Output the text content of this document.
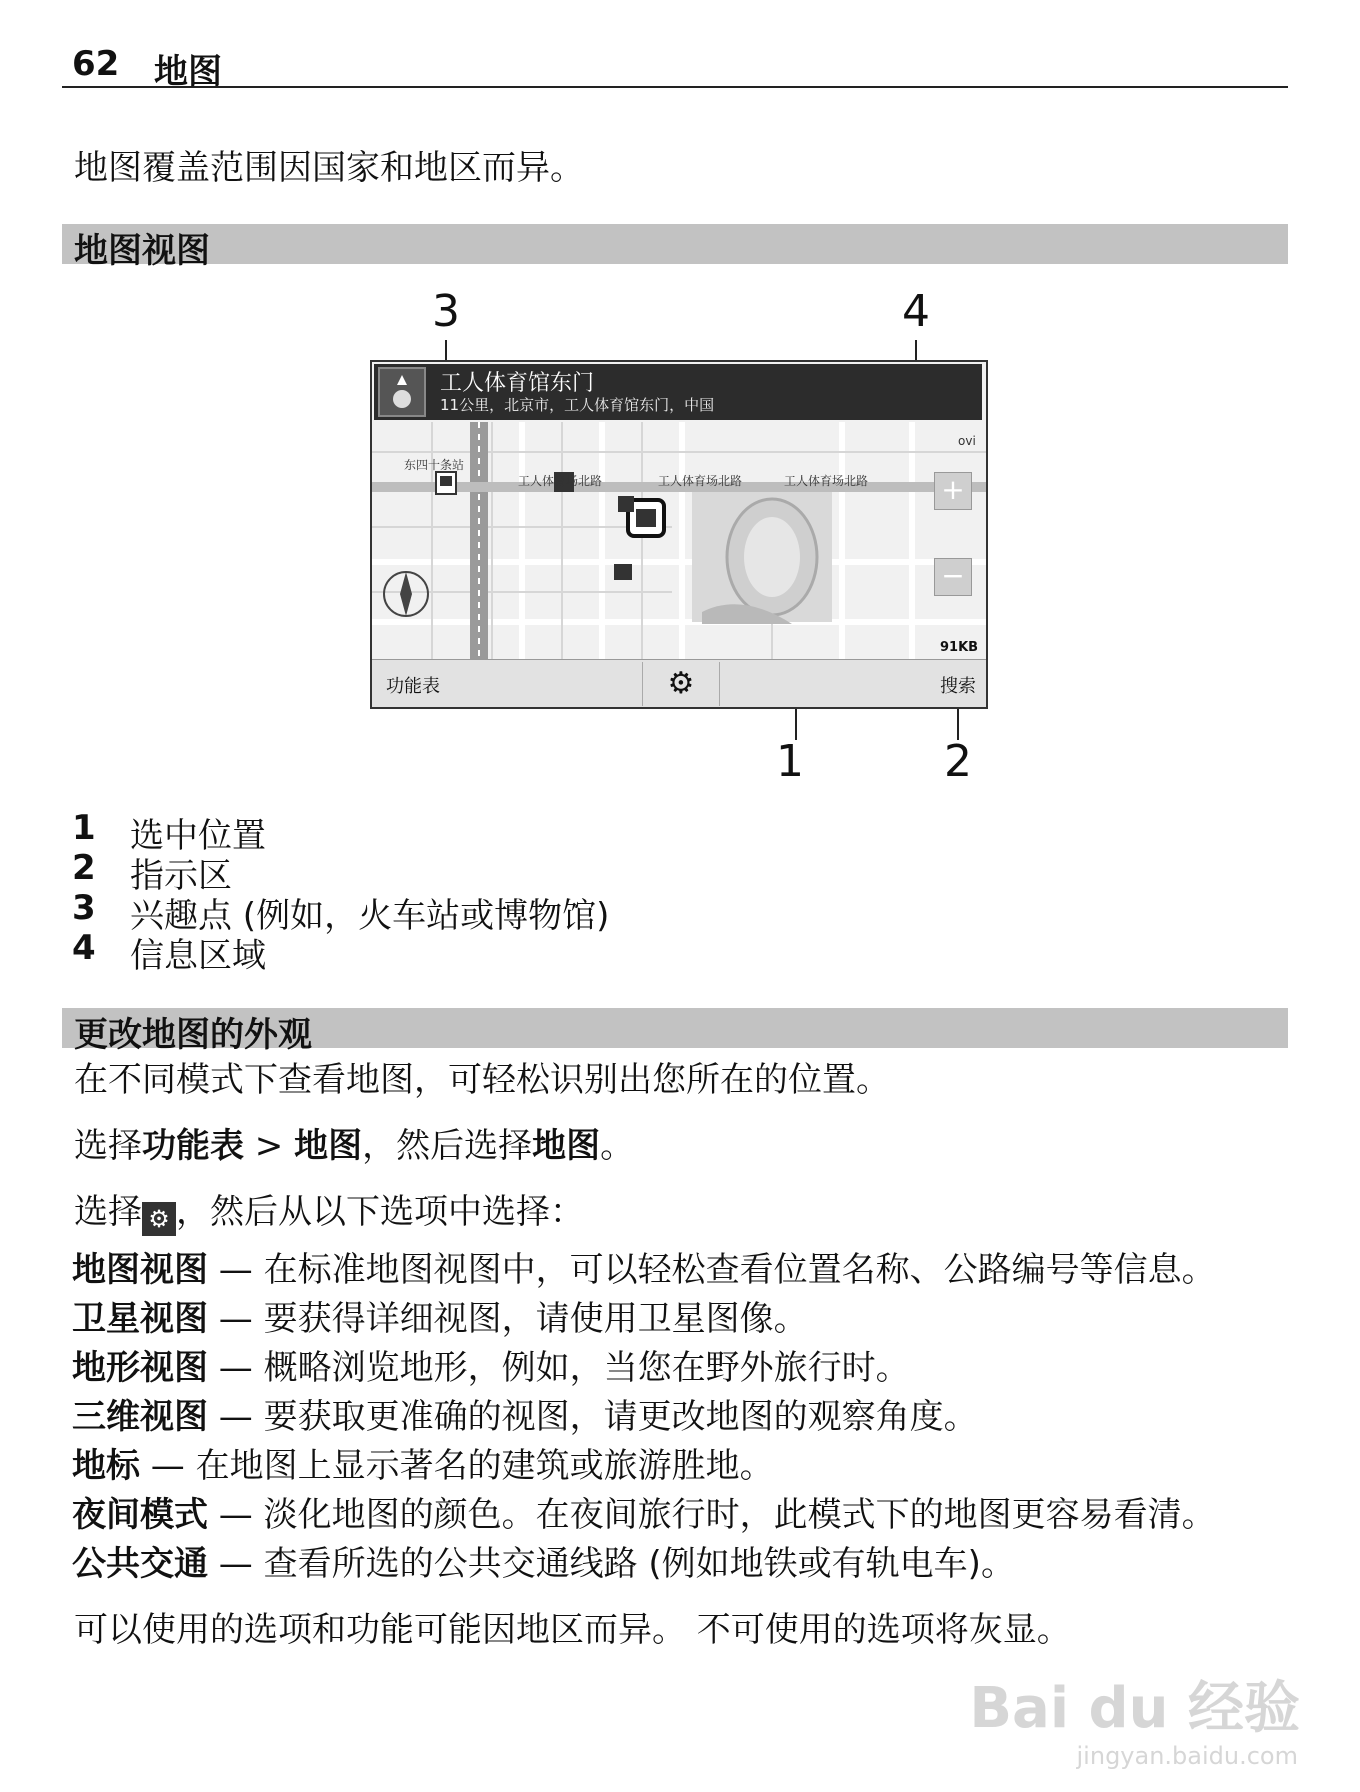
62 地图
地图覆盖范围因国家和地区而异。
地图视图
3	4
1	2
工人体育馆东门
11公里，北京市，工人体育馆东门，中国
东四十条站
工人体育场北路	工人体育场北路	工人体育场北路
ovi
+
−
91KB
功能表	⚙	搜索
1 选中位置
2 指示区
3 兴趣点 (例如，火车站或博物馆)
4 信息区域
更改地图的外观
在不同模式下查看地图，可轻松识别出您所在的位置。
选择功能表 > 地图，然后选择地图。
选择 ⚙ ，然后从以下选项中选择：
地图视图 — 在标准地图视图中，可以轻松查看位置名称、公路编号等信息。
卫星视图 — 要获得详细视图，请使用卫星图像。
地形视图 — 概略浏览地形，例如，当您在野外旅行时。
三维视图 — 要获取更准确的视图，请更改地图的观察角度。
地标 — 在地图上显示著名的建筑或旅游胜地。
夜间模式 — 淡化地图的颜色。在夜间旅行时，此模式下的地图更容易看清。
公共交通 — 查看所选的公共交通线路 (例如地铁或有轨电车)。
可以使用的选项和功能可能因地区而异。 不可使用的选项将灰显。
Bai du 经验
jingyan.baidu.com
